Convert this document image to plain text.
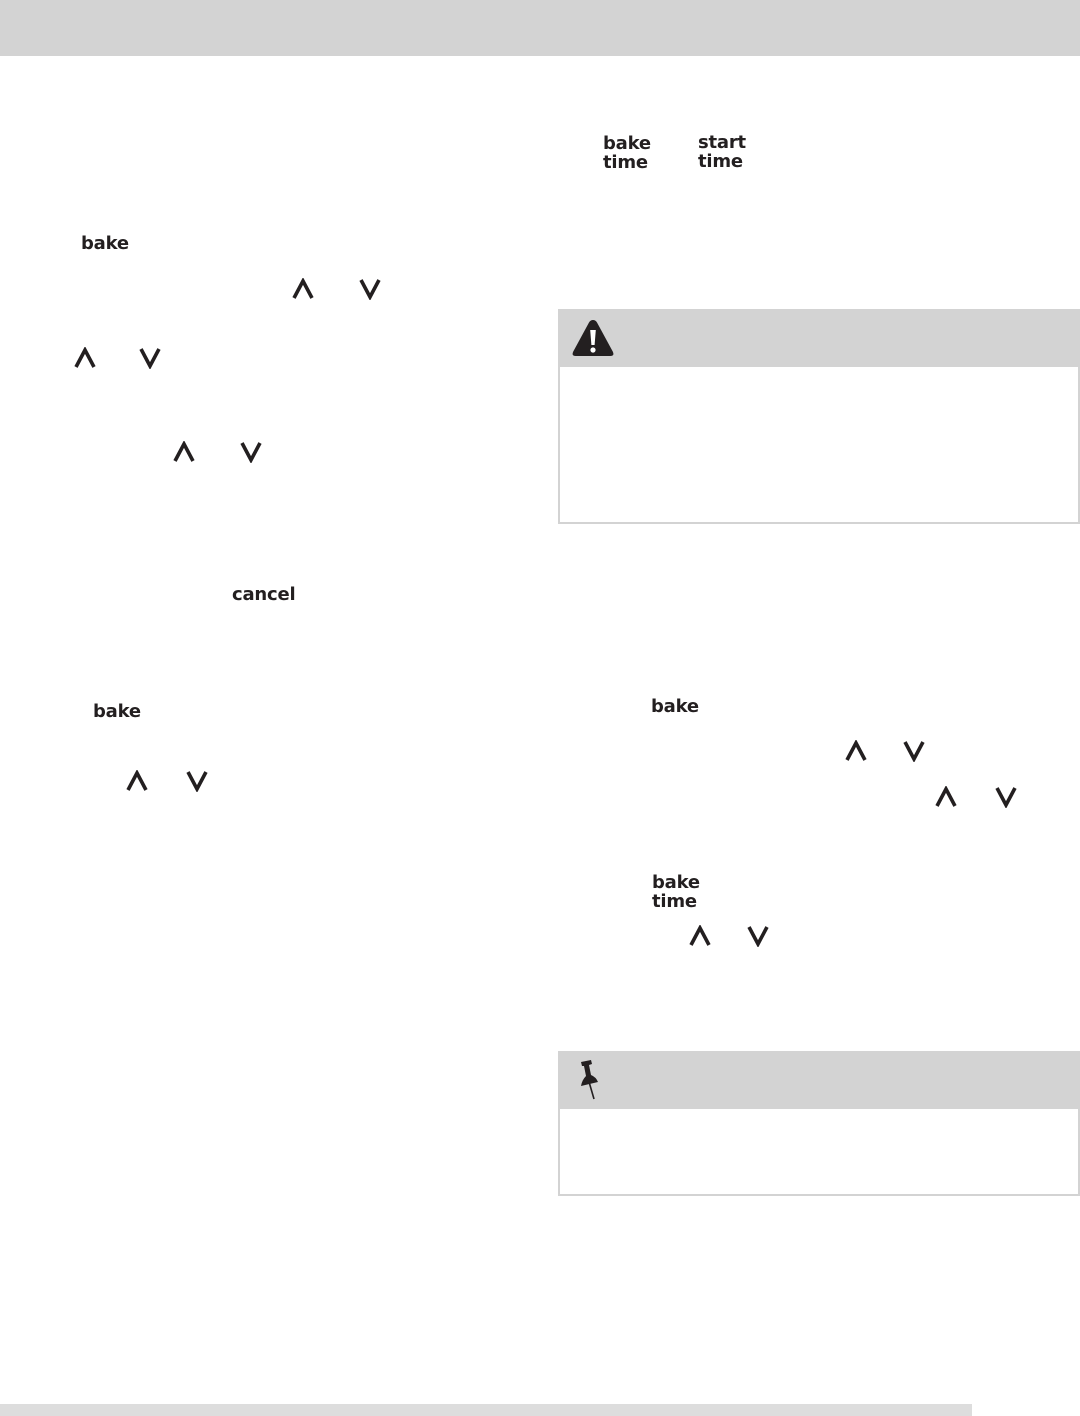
bake
time
start
time
bake
cancel
bake	bake
bake
time
